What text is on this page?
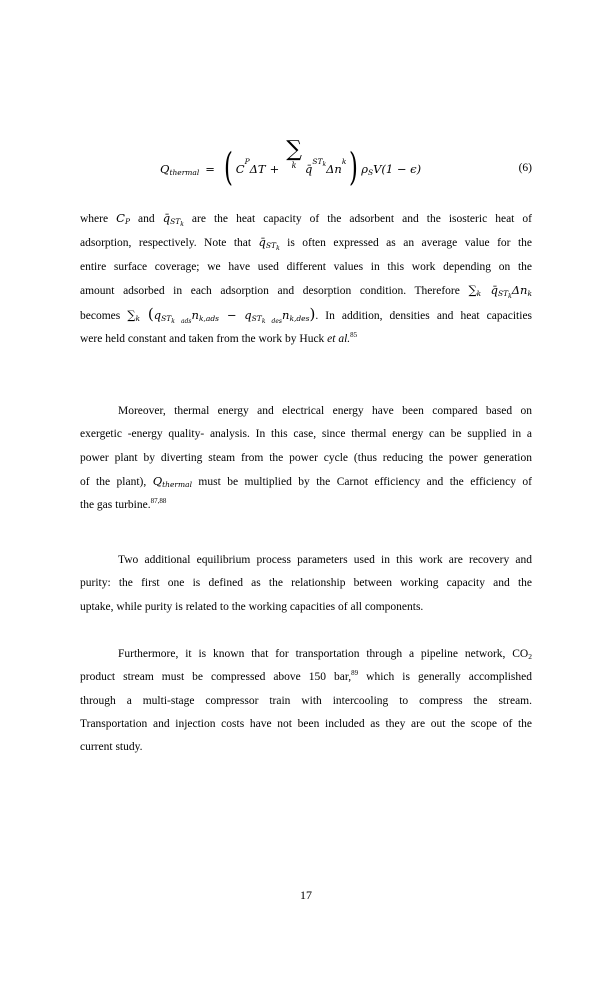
$Q_{thermal}$ = ( C
P
ΔT +
∑
k q̄
$^{ST_k}$ Δn
k ) $\rho_SV(1 - \epsilon)$	(6)
where $C_P$ and $q̄_{ST_k}$ are the heat capacity of the adsorbent and the isosteric heat of
adsorption, respectively. Note that $q̄_{ST_k}$ is often expressed as an average value for the
entire surface coverage; we have used different values in this work depending on the
amount adsorbed in each adsorption and desorption condition. Therefore $\sum_k$ $q̄_{ST_k}\Delta n_k$
becomes $\sum_k$ $(q_{ST_{k ads}}n_{k,ads} - q_{ST_{k des}}n_{k,des})$. In addition, densities and heat capacities
were held constant and taken from the work by Huck et al.$^{85}$
Moreover, thermal energy and electrical energy have been compared based on
exergetic -energy quality- analysis. In this case, since thermal energy can be supplied in a
power plant by diverting steam from the power cycle (thus reducing the power generation
of the plant), $Q_{thermal}$ must be multiplied by the Carnot efficiency and the efficiency of
the gas turbine.$^{87,88}$
Two additional equilibrium process parameters used in this work are recovery and
purity: the first one is defined as the relationship between working capacity and the
uptake, while purity is related to the working capacities of all components.
Furthermore, it is known that for transportation through a pipeline network, $CO_2$
product stream must be compressed above 150 bar,$^{89}$ which is generally accomplished
through a multi-stage compressor train with intercooling to compress the stream.
Transportation and injection costs have not been included as they are out the scope of the
current study.
17
